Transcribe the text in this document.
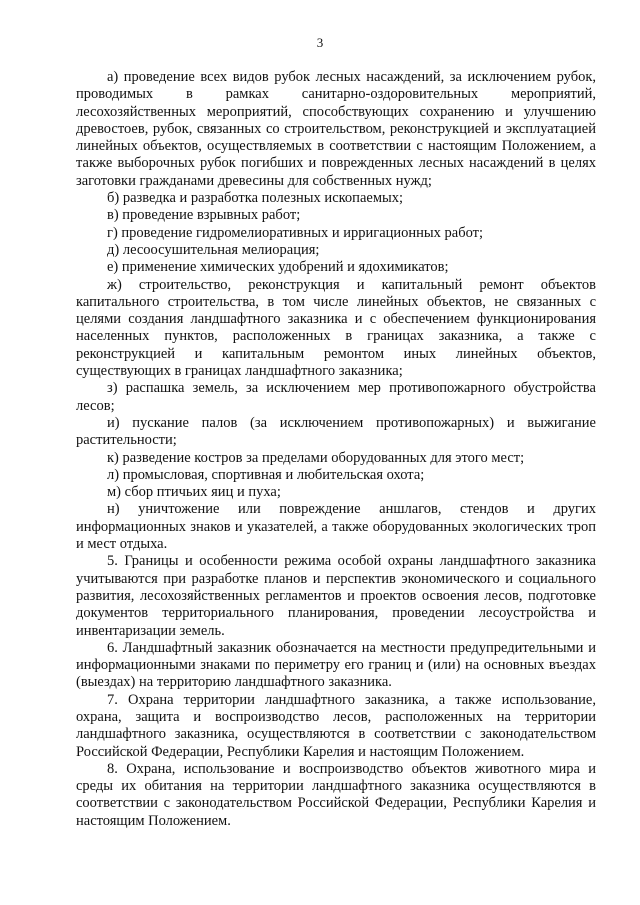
3

а) проведение всех видов рубок лесных насаждений, за исключением рубок, проводимых в рамках санитарно-оздоровительных мероприятий, лесохозяйственных мероприятий, способствующих сохранению и улучшению древостоев, рубок, связанных со строительством, реконструкцией и эксплуатацией линейных объектов, осуществляемых в соответствии с настоящим Положением, а также выборочных рубок погибших и поврежденных лесных насаждений в целях заготовки гражданами древесины для собственных нужд;

б) разведка и разработка полезных ископаемых;

в) проведение взрывных работ;

г) проведение гидромелиоративных и ирригационных работ;

д) лесоосушительная мелиорация;

е) применение химических удобрений и ядохимикатов;

ж) строительство, реконструкция и капитальный ремонт объектов капитального строительства, в том числе линейных объектов, не связанных с целями создания ландшафтного заказника и с обеспечением функционирования населенных пунктов, расположенных в границах заказника, а также с реконструкцией и капитальным ремонтом иных линейных объектов, существующих в границах ландшафтного заказника;

з) распашка земель, за исключением мер противопожарного обустройства лесов;

и) пускание палов (за исключением противопожарных) и выжигание растительности;

к) разведение костров за пределами оборудованных для этого мест;

л) промысловая, спортивная и любительская охота;

м) сбор птичьих яиц и пуха;

н) уничтожение или повреждение аншлагов, стендов и других информационных знаков и указателей, а также оборудованных экологических троп и мест отдыха.

5. Границы и особенности режима особой охраны ландшафтного заказника учитываются при разработке планов и перспектив экономического и социального развития, лесохозяйственных регламентов и проектов освоения лесов, подготовке документов территориального планирования, проведении лесоустройства и инвентаризации земель.

6. Ландшафтный заказник обозначается на местности предупредительными и информационными знаками по периметру его границ и (или) на основных въездах (выездах) на территорию ландшафтного заказника.

7. Охрана территории ландшафтного заказника, а также использование, охрана, защита и воспроизводство лесов, расположенных на территории ландшафтного заказника, осуществляются в соответствии с законодательством Российской Федерации, Республики Карелия и настоящим Положением.

8. Охрана, использование и воспроизводство объектов животного мира и среды их обитания на территории ландшафтного заказника осуществляются в соответствии с законодательством Российской Федерации, Республики Карелия и настоящим Положением.
